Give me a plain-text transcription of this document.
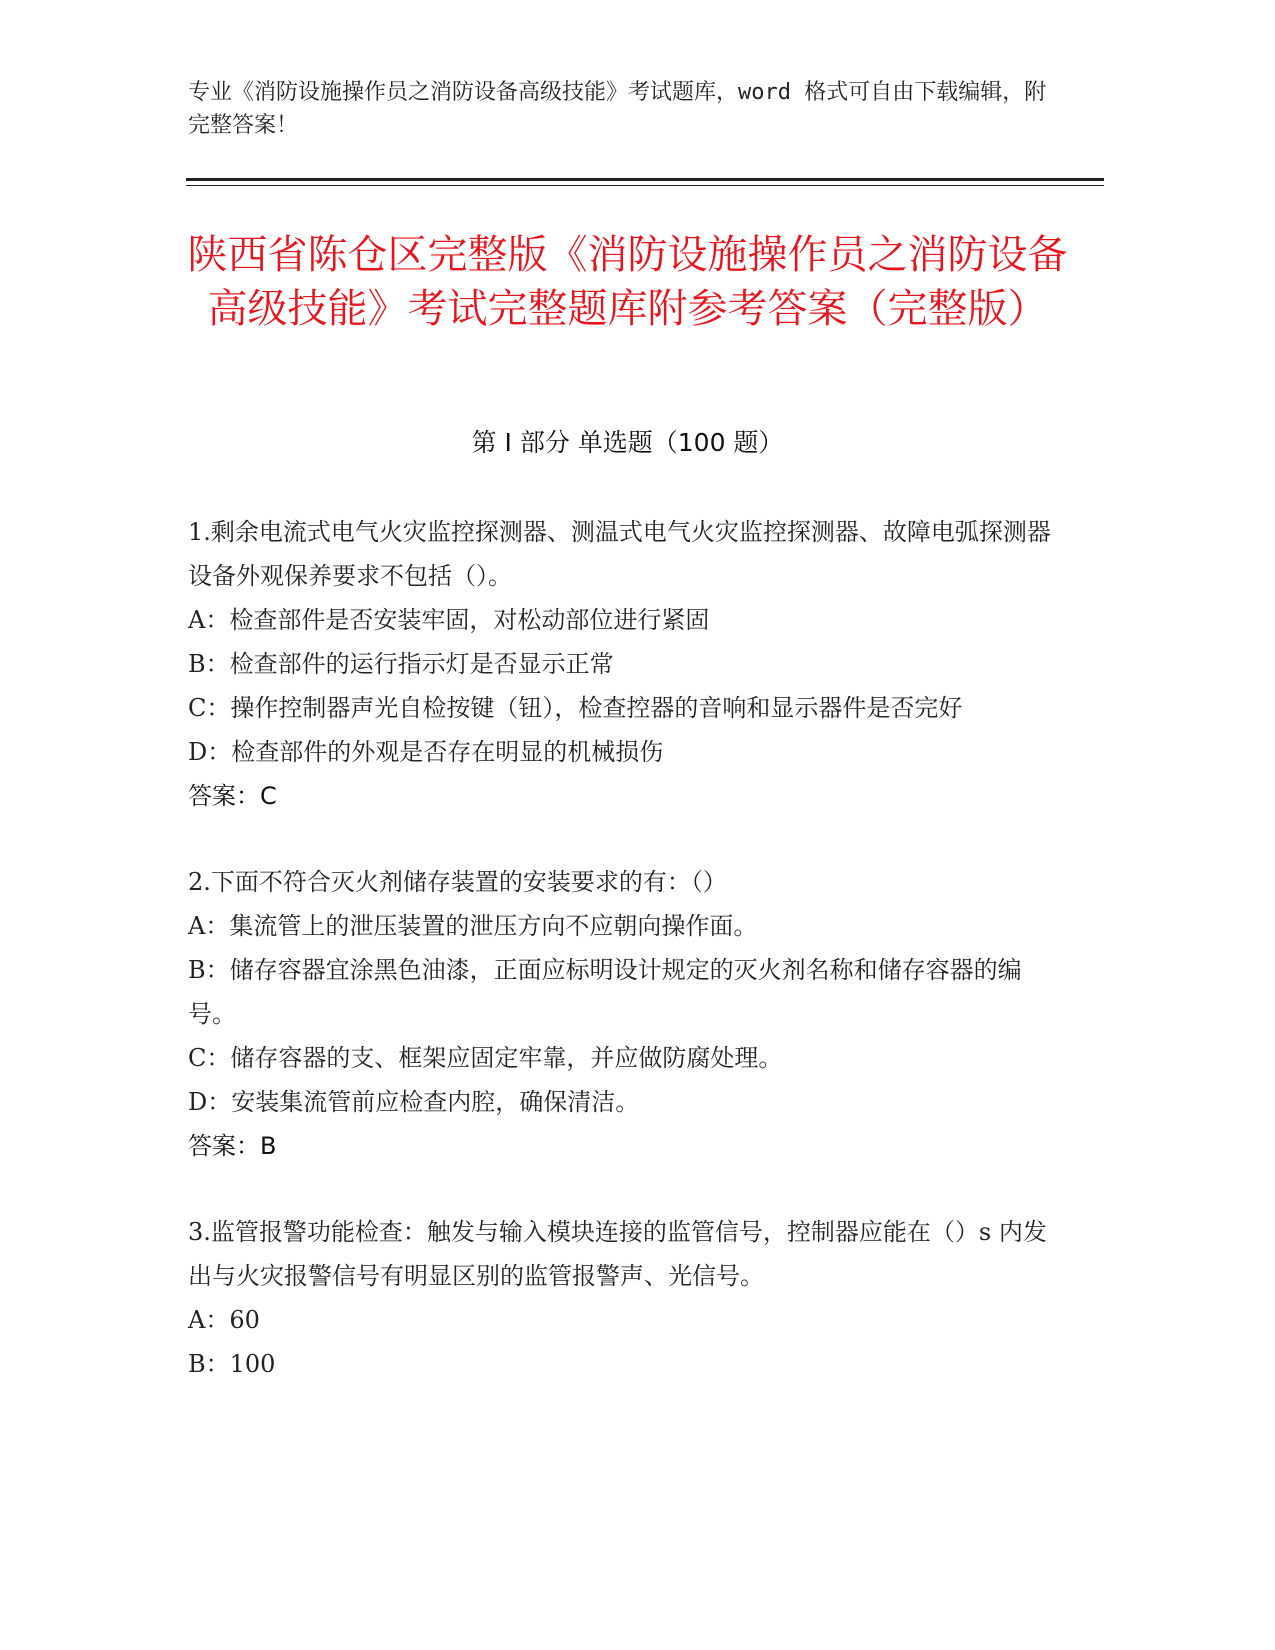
专业《消防设施操作员之消防设备高级技能》考试题库，word 格式可自由下载编辑，附完整答案！
陕西省陈仓区完整版《消防设施操作员之消防设备高级技能》考试完整题库附参考答案（完整版）
第 I 部分 单选题（100 题）

1.剩余电流式电气火灾监控探测器、测温式电气火灾监控探测器、故障电弧探测器设备外观保养要求不包括（）。

A：检查部件是否安装牢固，对松动部位进行紧固

B：检查部件的运行指示灯是否显示正常

C：操作控制器声光自检按键（钮），检查控器的音响和显示器件是否完好

D：检查部件的外观是否存在明显的机械损伤

答案：C

2.下面不符合灭火剂储存装置的安装要求的有：（）

A：集流管上的泄压装置的泄压方向不应朝向操作面。

B：储存容器宜涂黑色油漆，正面应标明设计规定的灭火剂名称和储存容器的编号。

C：储存容器的支、框架应固定牢靠，并应做防腐处理。

D：安装集流管前应检查内腔，确保清洁。

答案：B

3.监管报警功能检查：触发与输入模块连接的监管信号，控制器应能在（）s 内发出与火灾报警信号有明显区别的监管报警声、光信号。

A：60

B：100
